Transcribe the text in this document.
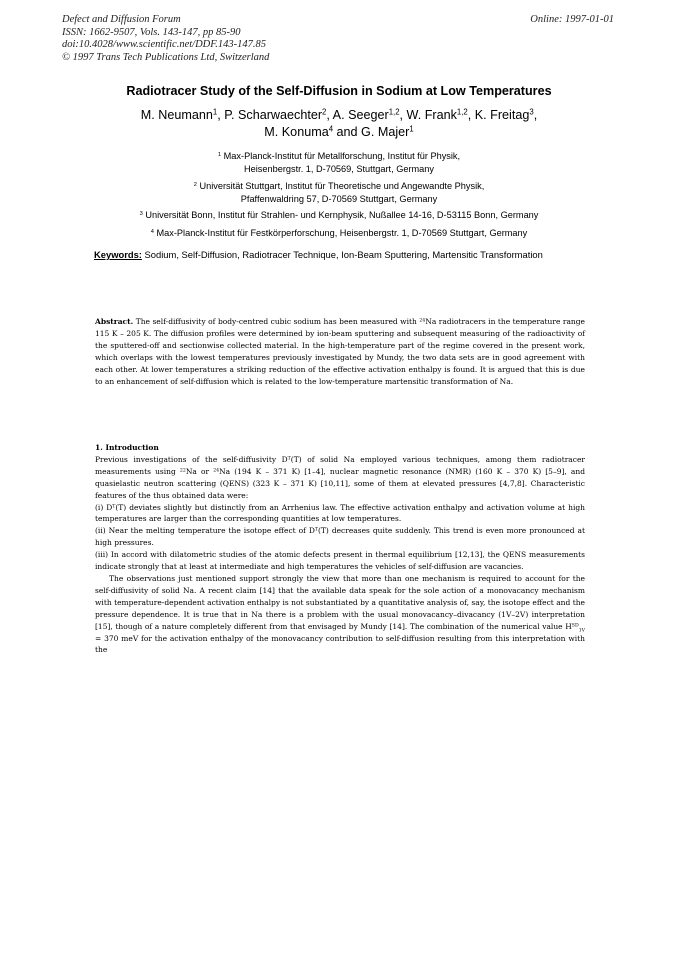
Defect and Diffusion Forum
ISSN: 1662-9507, Vols. 143-147, pp 85-90
doi:10.4028/www.scientific.net/DDF.143-147.85
© 1997 Trans Tech Publications Ltd, Switzerland
Online: 1997-01-01
Radiotracer Study of the Self-Diffusion in Sodium at Low Temperatures
M. Neumann$^1$, P. Scharwaechter$^2$, A. Seeger$^{1,2}$, W. Frank$^{1,2}$, K. Freitag$^3$,
M. Konuma$^4$ and G. Majer$^1$
$^1$ Max-Planck-Institut für Metallforschung, Institut für Physik,
Heisenbergstr. 1, D-70569, Stuttgart, Germany
$^2$ Universität Stuttgart, Institut für Theoretische und Angewandte Physik,
Pfaffenwaldring 57, D-70569 Stuttgart, Germany
$^3$ Universität Bonn, Institut für Strahlen- und Kernphysik, Nußallee 14-16, D-53115 Bonn, Germany
$^4$ Max-Planck-Institut für Festkörperforschung, Heisenbergstr. 1, D-70569 Stuttgart, Germany
Keywords: Sodium, Self-Diffusion, Radiotracer Technique, Ion-Beam Sputtering, Martensitic Transformation

Abstract. The self-diffusivity of body-centred cubic sodium has been measured with $^{24}$Na radiotracers in the temperature range 115 K – 205 K. The diffusion profiles were determined by ion-beam sputtering and subsequent measuring of the radioactivity of the sputtered-off and sectionwise collected material. In the high-temperature part of the regime covered in the present work, which overlaps with the lowest temperatures previously investigated by Mundy, the two data sets are in good agreement with each other. At lower temperatures a striking reduction of the effective activation enthalpy is found. It is argued that this is due to an enhancement of self-diffusion which is related to the low-temperature martensitic transformation of Na.

1. Introduction

Previous investigations of the self-diffusivity $D^T(T)$ of solid Na employed various techniques, among them radiotracer measurements using $^{22}$Na or $^{24}$Na (194 K – 371 K) [1–4], nuclear magnetic resonance (NMR) (160 K – 370 K) [5–9], and quasielastic neutron scattering (QENS) (323 K – 371 K) [10,11], some of them at elevated pressures [4,7,8]. Characteristic features of the thus obtained data were:

(i) $D^T(T)$ deviates slightly but distinctly from an Arrhenius law. The effective activation enthalpy and activation volume at high temperatures are larger than the corresponding quantities at low temperatures.

(ii) Near the melting temperature the isotope effect of $D^T(T)$ decreases quite suddenly. This trend is even more pronounced at high pressures.

(iii) In accord with dilatometric studies of the atomic defects present in thermal equilibrium [12,13], the QENS measurements indicate strongly that at least at intermediate and high temperatures the vehicles of self-diffusion are vacancies.

The observations just mentioned support strongly the view that more than one mechanism is required to account for the self-diffusivity of solid Na. A recent claim [14] that the available data speak for the sole action of a monovacancy mechanism with temperature-dependent activation enthalpy is not substantiated by a quantitative analysis of, say, the isotope effect and the pressure dependence. It is true that in Na there is a problem with the usual monovacancy–divacancy (1V–2V) interpretation [15], though of a nature completely different from that envisaged by Mundy [14]. The combination of the numerical value $H^{SD}_{1V} = 370$ meV for the activation enthalpy of the monovacancy contribution to self-diffusion resulting from this interpretation with the
